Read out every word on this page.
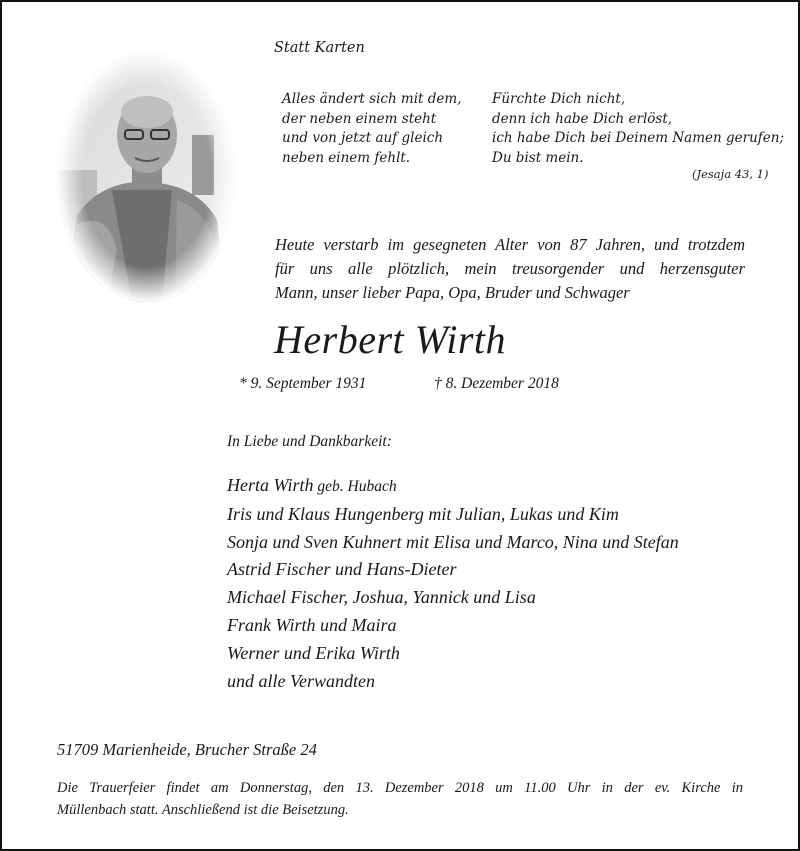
Statt Karten
Alles ändert sich mit dem,
der neben einem steht
und von jetzt auf gleich
neben einem fehlt.
Fürchte Dich nicht,
denn ich habe Dich erlöst,
ich habe Dich bei Deinem Namen gerufen;
Du bist mein.
(Jesaja 43, 1)
Heute verstarb im gesegneten Alter von 87 Jahren, und trotzdem
für uns alle plötzlich, mein treusorgender und herzensguter
Mann, unser lieber Papa, Opa, Bruder und Schwager
Herbert Wirth
* 9. September 1931	† 8. Dezember 2018
In Liebe und Dankbarkeit:
Herta Wirth geb. Hubach
Iris und Klaus Hungenberg mit Julian, Lukas und Kim
Sonja und Sven Kuhnert mit Elisa und Marco, Nina und Stefan
Astrid Fischer und Hans-Dieter
Michael Fischer, Joshua, Yannick und Lisa
Frank Wirth und Maira
Werner und Erika Wirth
und alle Verwandten
51709 Marienheide, Brucher Straße 24
Die Trauerfeier findet am Donnerstag, den 13. Dezember 2018 um 11.00 Uhr in der ev. Kirche in
Müllenbach statt. Anschließend ist die Beisetzung.
